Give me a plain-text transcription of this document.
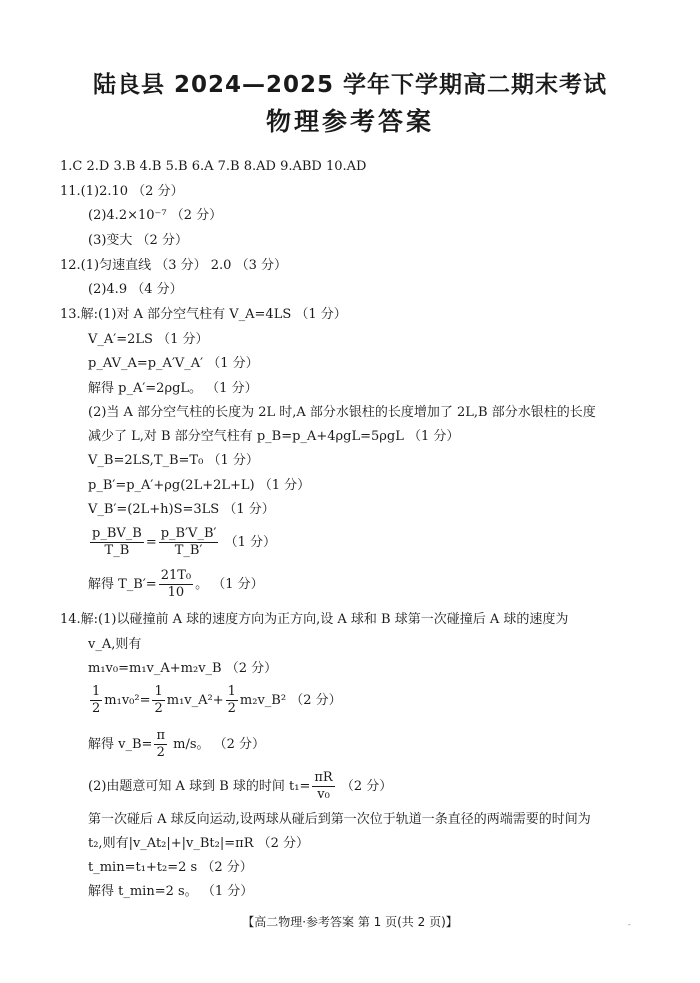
陆良县 2024—2025 学年下学期高二期末考试
物理参考答案
1.C 2.D 3.B 4.B 5.B 6.A 7.B 8.AD 9.ABD 10.AD
11.(1)2.10 （2 分）
(2)4.2×10⁻⁷ （2 分）
(3)变大 （2 分）
12.(1)匀速直线 （3 分） 2.0 （3 分）
(2)4.9 （4 分）
13.解:(1)对 A 部分空气柱有 V_A=4LS （1 分）
V_A′=2LS （1 分）
p_AV_A=p_A′V_A′ （1 分）
解得 p_A′=2ρgL。 （1 分）
(2)当 A 部分空气柱的长度为 2L 时,A 部分水银柱的长度增加了 2L,B 部分水银柱的长度
减少了 L,对 B 部分空气柱有 p_B=p_A+4ρgL=5ρgL （1 分）
V_B=2LS,T_B=T₀ （1 分）
p_B′=p_A′+ρg(2L+2L+L) （1 分）
V_B′=(2L+h)S=3LS （1 分）
$\frac{p\_BV\_B}{T\_B} = \frac{p\_B'V\_B'}{T\_B'} (1$ 分）
解得 T_B′= $\frac{\text{21T₀}}{10}$ 。 （1 分）
14.解:(1)以碰撞前 A 球的速度方向为正方向,设 A 球和 B 球第一次碰撞后 A 球的速度为
v_A,则有
m₁v₀=m₁v_A+m₂v_B （2 分）
$\frac{1}{2} m_1v_0^2= \frac{1}{2}$ m₁v_A²+ $\frac{1}{2}$ m₂v_B² （2 分）
解得 v_B= $\frac{\pi}{2} m/s$。 （2 分）
(2)由题意可知 A 球到 B 球的时间 $t_1= \frac{\pi R}{\text{v₀}} (2$ 分）
第一次碰后 A 球反向运动,设两球从碰后到第一次位于轨道一条直径的两端需要的时间为
t₂,则有|v_At₂|+|v_Bt₂|=πR （2 分）
t_min=t₁+t₂=2 s （2 分）
解得 t_min=2 s。 （1 分）
【高二物理·参考答案 第 1 页(共 2 页)】	-
